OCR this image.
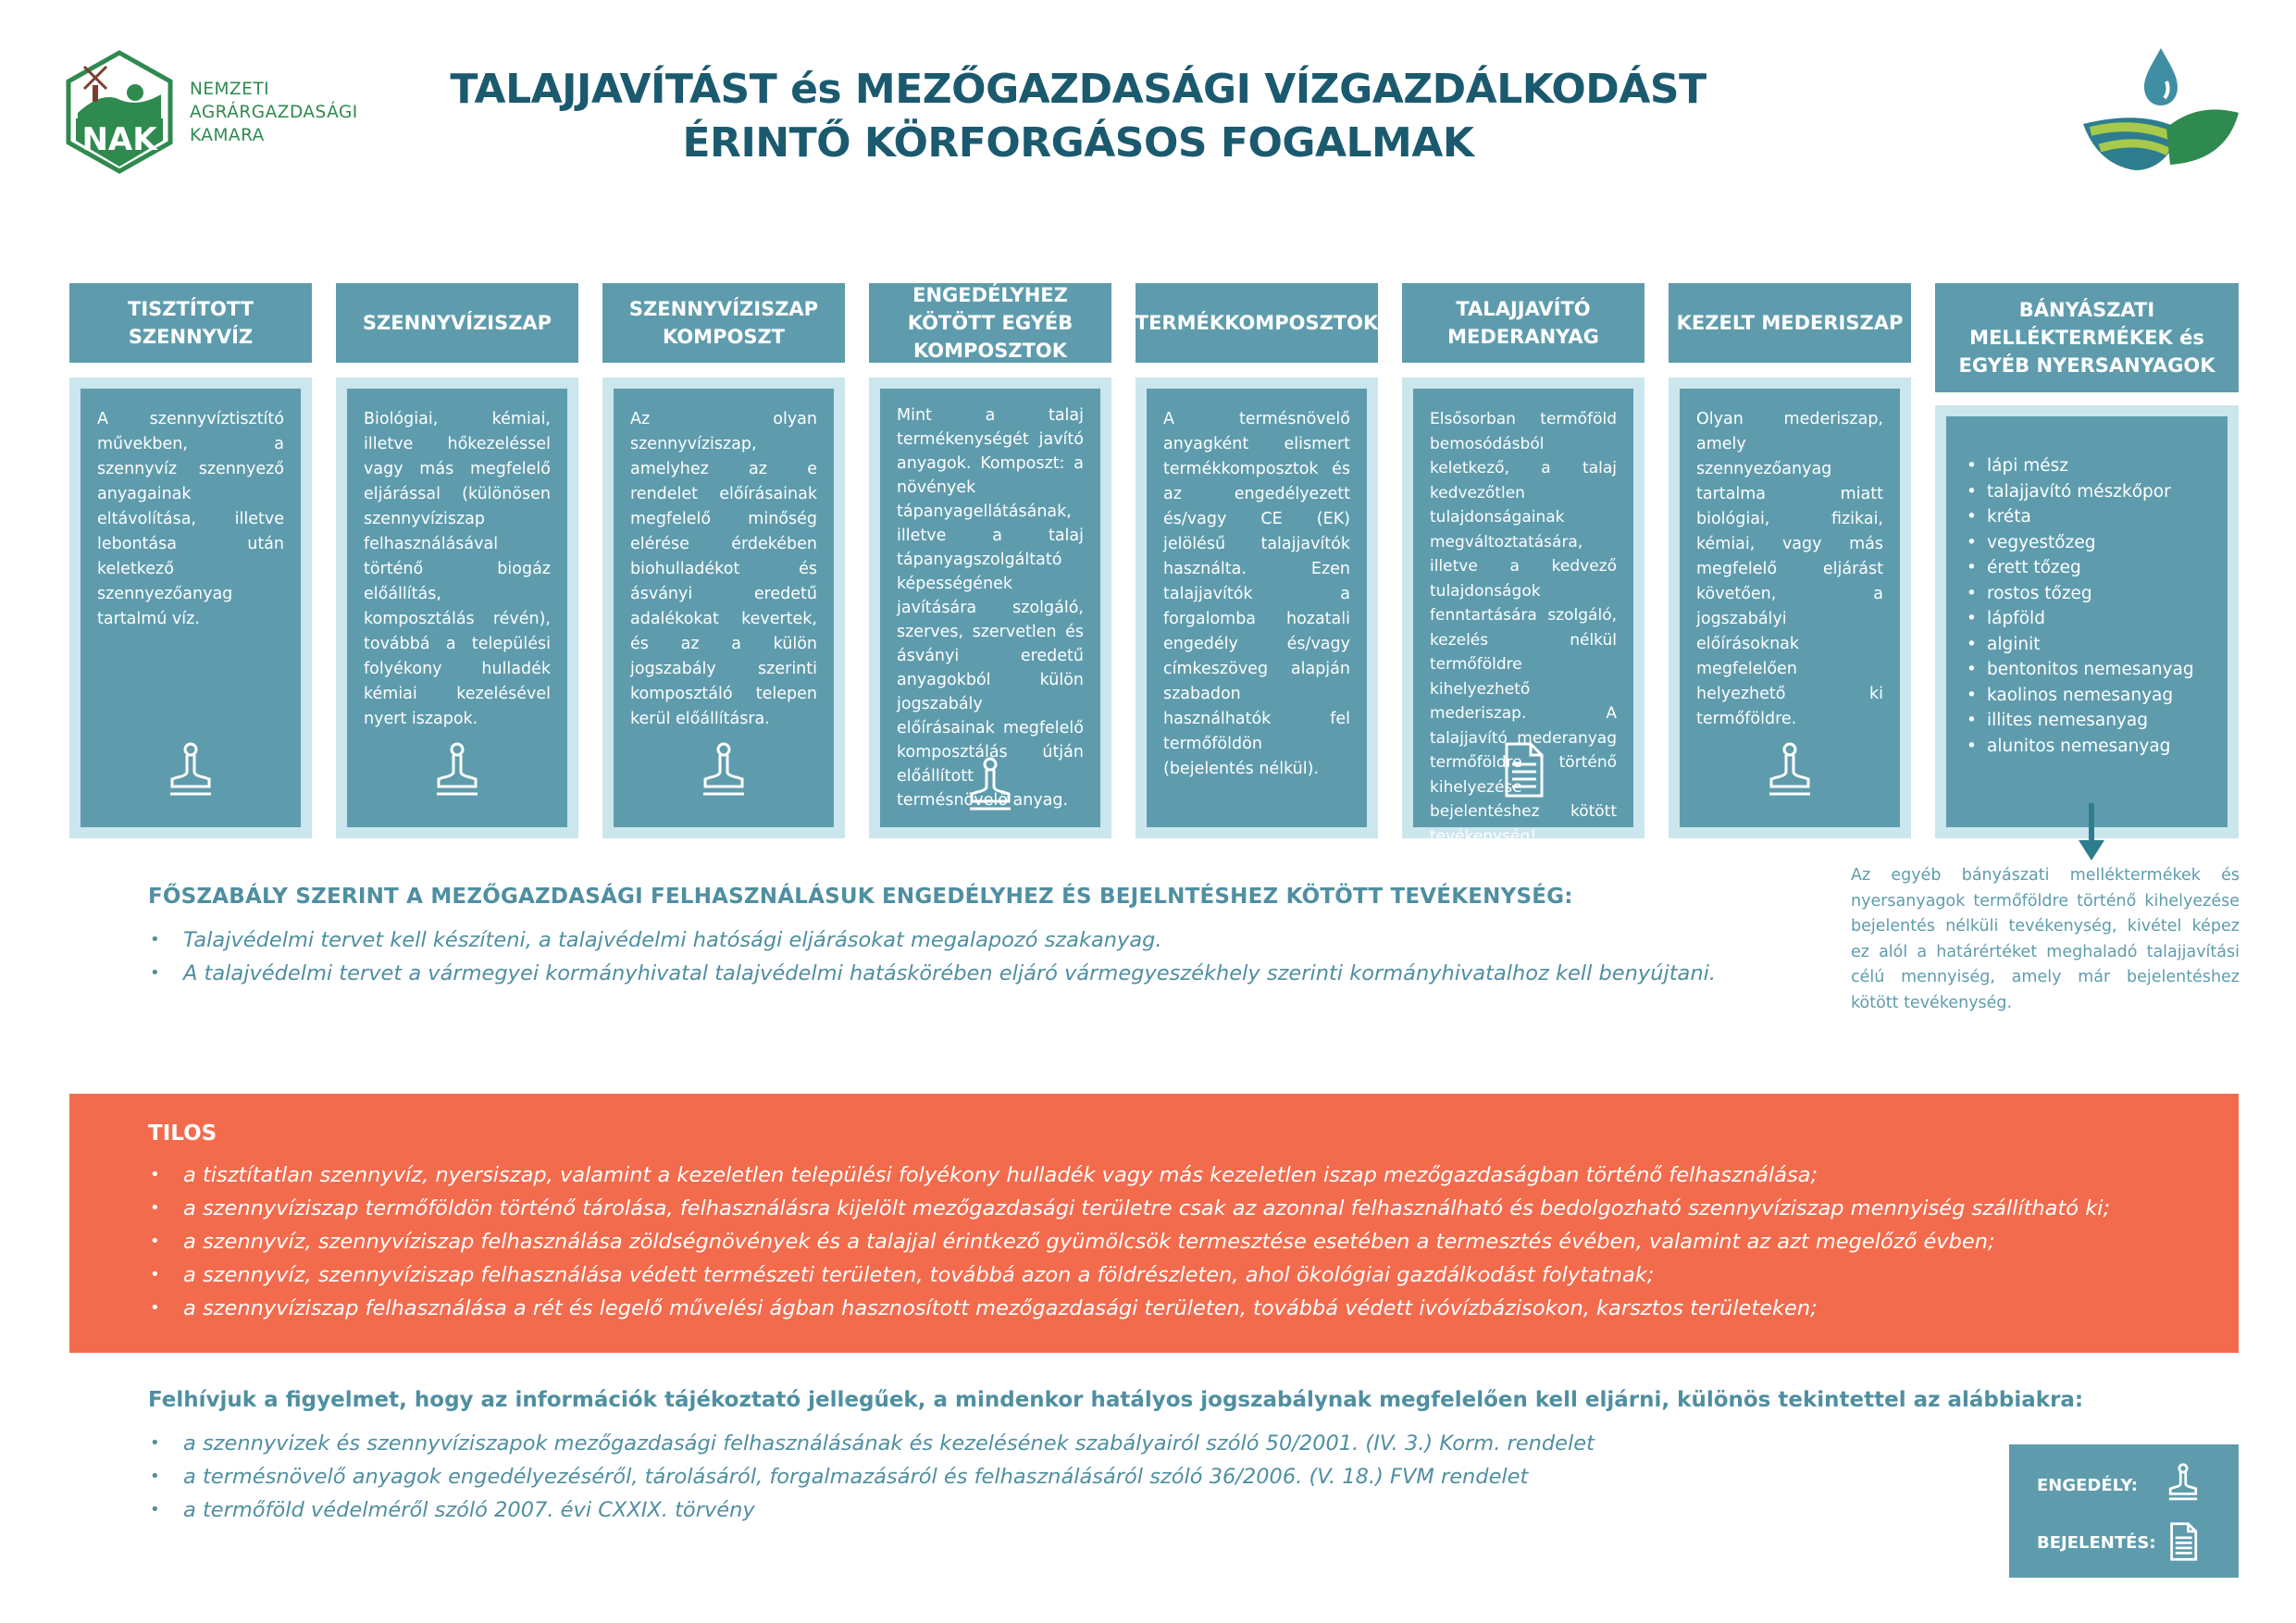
NAK
NEMZETI
AGRÁRGAZDASÁGI
KAMARA
TALAJJAVÍTÁST és MEZŐGAZDASÁGI VÍZGAZDÁLKODÁST
ÉRINTŐ KÖRFORGÁSOS FOGALMAK
TISZTÍTOTT SZENNYVÍZ
A szennyvíztisztító művekben, a szennyvíz szennyező anyagainak eltávolítása, illetve lebontása után keletkező szennyezőanyag tartalmú víz.
SZENNYVÍZISZAP
Biológiai, kémiai, illetve hőkezeléssel vagy más megfelelő eljárással (különösen szennyvíziszap felhasználásával történő biogáz előállítás, komposztálás révén), továbbá a települési folyékony hulladék kémiai kezelésével nyert iszapok.
SZENNYVÍZISZAP KOMPOSZT
Az olyan szennyvíziszap, amelyhez az e rendelet előírásainak megfelelő minőség elérése érdekében biohulladékot és ásványi eredetű adalékokat kevertek, és az a külön jogszabály szerinti komposztáló telepen kerül előállításra.
ENGEDÉLYHEZ KÖTÖTT EGYÉB KOMPOSZTOK
Mint a talaj termékenységét javító anyagok. Komposzt: a növények tápanyagellátásának, illetve a talaj tápanyagszolgáltató képességének javítására szolgáló, szerves, szervetlen és ásványi eredetű anyagokból külön jogszabály előírásainak megfelelő komposztálás útján előállított termésnövelő anyag.
TERMÉKKOMPOSZTOK
A termésnövelő anyagként elismert termékkomposztok és az engedélyezett és/vagy CE (EK) jelölésű talajjavítók használta. Ezen talajjavítók a forgalomba hozatali engedély és/vagy címkeszöveg alapján szabadon használhatók fel termőföldön (bejelentés nélkül).
TALAJJAVÍTÓ MEDERANYAG
Elsősorban termőföld bemosódásból keletkező, a talaj kedvezőtlen tulajdonságainak megváltoztatására, illetve a kedvező tulajdonságok fenntartására szolgáló, kezelés nélkül termőföldre kihelyezhető mederiszap. A talajjavító mederanyag termőföldre történő kihelyezése bejelentéshez kötött tevékenység!
KEZELT MEDERISZAP
Olyan mederiszap, amely szennyezőanyag tartalma miatt biológiai, fizikai, kémiai, vagy más megfelelő eljárást követően, a jogszabályi előírásoknak megfelelően helyezhető ki termőföldre.
BÁNYÁSZATI MELLÉKTERMÉKEK és EGYÉB NYERSANYAGOK
• lápi mész
• talajjavító mészkőpor
• kréta
• vegyestőzeg
• érett tőzeg
• rostos tőzeg
• lápföld
• alginit
• bentonitos nemesanyag
• kaolinos nemesanyag
• illites nemesanyag
• alunitos nemesanyag
Az egyéb bányászati melléktermékek és nyersanyagok termőföldre történő kihelyezése bejelentés nélküli tevékenység, kivétel képez ez alól a határértéket meghaladó talajjavítási célú mennyiség, amely már bejelentéshez kötött tevékenység.
FŐSZABÁLY SZERINT A MEZŐGAZDASÁGI FELHASZNÁLÁSUK ENGEDÉLYHEZ ÉS BEJELNTÉSHEZ KÖTÖTT TEVÉKENYSÉG:
• Talajvédelmi tervet kell készíteni, a talajvédelmi hatósági eljárásokat megalapozó szakanyag.
• A talajvédelmi tervet a vármegyei kormányhivatal talajvédelmi hatáskörében eljáró vármegyeszékhely szerinti kormányhivatalhoz kell benyújtani.
TILOS
• a tisztítatlan szennyvíz, nyersiszap, valamint a kezeletlen települési folyékony hulladék vagy más kezeletlen iszap mezőgazdaságban történő felhasználása;
• a szennyvíziszap termőföldön történő tárolása, felhasználásra kijelölt mezőgazdasági területre csak az azonnal felhasználható és bedolgozható szennyvíziszap mennyiség szállítható ki;
• a szennyvíz, szennyvíziszap felhasználása zöldségnövények és a talajjal érintkező gyümölcsök termesztése esetében a termesztés évében, valamint az azt megelőző évben;
• a szennyvíz, szennyvíziszap felhasználása védett természeti területen, továbbá azon a földrészleten, ahol ökológiai gazdálkodást folytatnak;
• a szennyvíziszap felhasználása a rét és legelő művelési ágban hasznosított mezőgazdasági területen, továbbá védett ivóvízbázisokon, karsztos területeken;
Felhívjuk a figyelmet, hogy az információk tájékoztató jellegűek, a mindenkor hatályos jogszabálynak megfelelően kell eljárni, különös tekintettel az alábbiakra:
• a szennyvizek és szennyvíziszapok mezőgazdasági felhasználásának és kezelésének szabályairól szóló 50/2001. (IV. 3.) Korm. rendelet
• a termésnövelő anyagok engedélyezéséről, tárolásáról, forgalmazásáról és felhasználásáról szóló 36/2006. (V. 18.) FVM rendelet
• a termőföld védelméről szóló 2007. évi CXXIX. törvény
ENGEDÉLY:
BEJELENTÉS:
